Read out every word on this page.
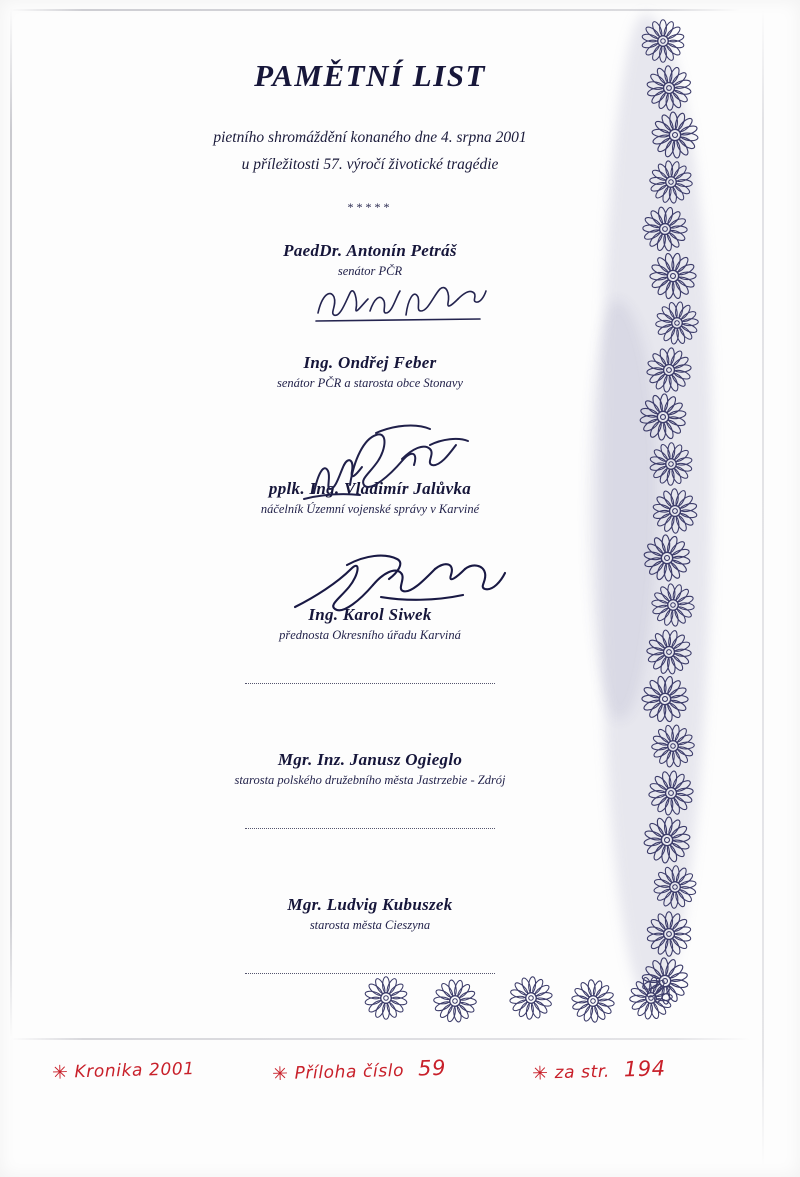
PAMĚTNÍ LIST
pietního shromáždění konaného dne 4. srpna 2001
u příležitosti 57. výročí životické tragédie
*****
PaedDr. Antonín Petráš
senátor PČR
Ing. Ondřej Feber
senátor PČR a starosta obce Stonavy
pplk. Ing. Vladimír Jalůvka
náčelník Územní vojenské správy v Karviné
Ing. Karol Siwek
přednosta Okresního úřadu Karviná
Mgr. Inz. Janusz Ogieglo
starosta polského družebního města Jastrzebie - Zdrój
Mgr. Ludvig Kubuszek
starosta města Cieszyna
✳ Kronika 2001	✳ Příloha číslo 59	✳ za str. 194
